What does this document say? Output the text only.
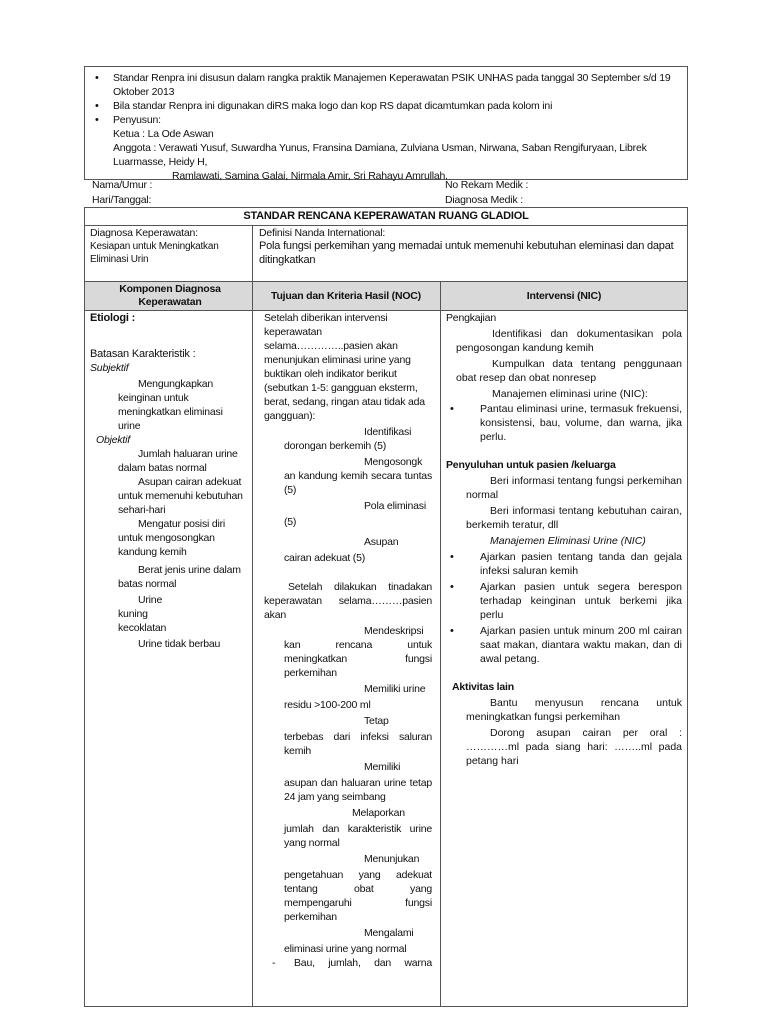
• Standar Renpra ini disusun dalam rangka praktik Manajemen Keperawatan PSIK UNHAS pada tanggal 30 September s/d 19 Oktober 2013
• Bila standar Renpra ini digunakan diRS maka logo dan kop RS dapat dicamtumkan pada kolom ini
• Penyusun:
Ketua : La Ode Aswan
Anggota : Verawati Yusuf, Suwardha Yunus, Fransina Damiana, Zulviana Usman, Nirwana, Saban Rengifuryaan, Librek Luarmasse, Heidy H,
Ramlawati, Samina Galai, Nirmala Amir, Sri Rahayu Amrullah.
Nama/Umur :
Hari/Tanggal:
No Rekam Medik :
Diagnosa Medik :
STANDAR RENCANA KEPERAWATAN RUANG GLADIOL
Diagnosa Keperawatan:
Kesiapan untuk Meningkatkan Eliminasi Urin
Definisi Nanda International:
Pola fungsi perkemihan yang memadai untuk memenuhi kebutuhan eleminasi dan dapat ditingkatkan
Komponen Diagnosa Keperawatan	Tujuan dan Kriteria Hasil (NOC)	Intervensi (NIC)
Etiologi :
Batasan Karakteristik :
Subjektif
Mengungkapkan keinginan untuk meningkatkan eliminasi urine
Objektif
Jumlah haluaran urine dalam batas normal
Asupan cairan adekuat untuk memenuhi kebutuhan sehari-hari
Mengatur posisi diri untuk mengosongkan kandung kemih
Berat jenis urine dalam batas normal
Urine kuning kecoklatan
Urine tidak berbau
Setelah diberikan intervensi keperawatan selama…………..pasien akan menunjukan eliminasi urine yang buktikan oleh indikator berikut (sebutkan 1-5: gangguan eksterm, berat, sedang, ringan atau tidak ada gangguan):
Identifikasi
dorongan berkemih (5)
Mengosongk
an kandung kemih secara tuntas (5)
Pola eliminasi
(5)
Asupan
cairan adekuat (5)
Setelah dilakukan tinadakan keperawatan selama………pasien akan
Mendeskripsi
kan rencana untuk meningkatkan fungsi perkemihan
Memiliki urine
residu >100-200 ml
Tetap
terbebas dari infeksi saluran kemih
Memiliki
asupan dan haluaran urine tetap 24 jam yang seimbang
Melaporkan
jumlah dan karakteristik urine yang normal
Menunjukan
pengetahuan yang adekuat tentang obat yang mempengaruhi fungsi perkemihan
Mengalami
eliminasi urine yang normal
- Bau, jumlah, dan warna
Pengkajian
Identifikasi dan dokumentasikan pola pengosongan kandung kemih
Kumpulkan data tentang penggunaan obat resep dan obat nonresep
Manajemen eliminasi urine (NIC):
• Pantau eliminasi urine, termasuk frekuensi, konsistensi, bau, volume, dan warna, jika perlu.
Penyuluhan untuk pasien /keluarga
Beri informasi tentang fungsi perkemihan normal
Beri informasi tentang kebutuhan cairan, berkemih teratur, dll
Manajemen Eliminasi Urine (NIC)
• Ajarkan pasien tentang tanda dan gejala infeksi saluran kemih
• Ajarkan pasien untuk segera berespon terhadap keinginan untuk berkemi jika perlu
• Ajarkan pasien untuk minum 200 ml cairan saat makan, diantara waktu makan, dan di awal petang.
Aktivitas lain
Bantu menyusun rencana untuk meningkatkan fungsi perkemihan
Dorong asupan cairan per oral : …………ml pada siang hari: ……..ml pada petang hari
